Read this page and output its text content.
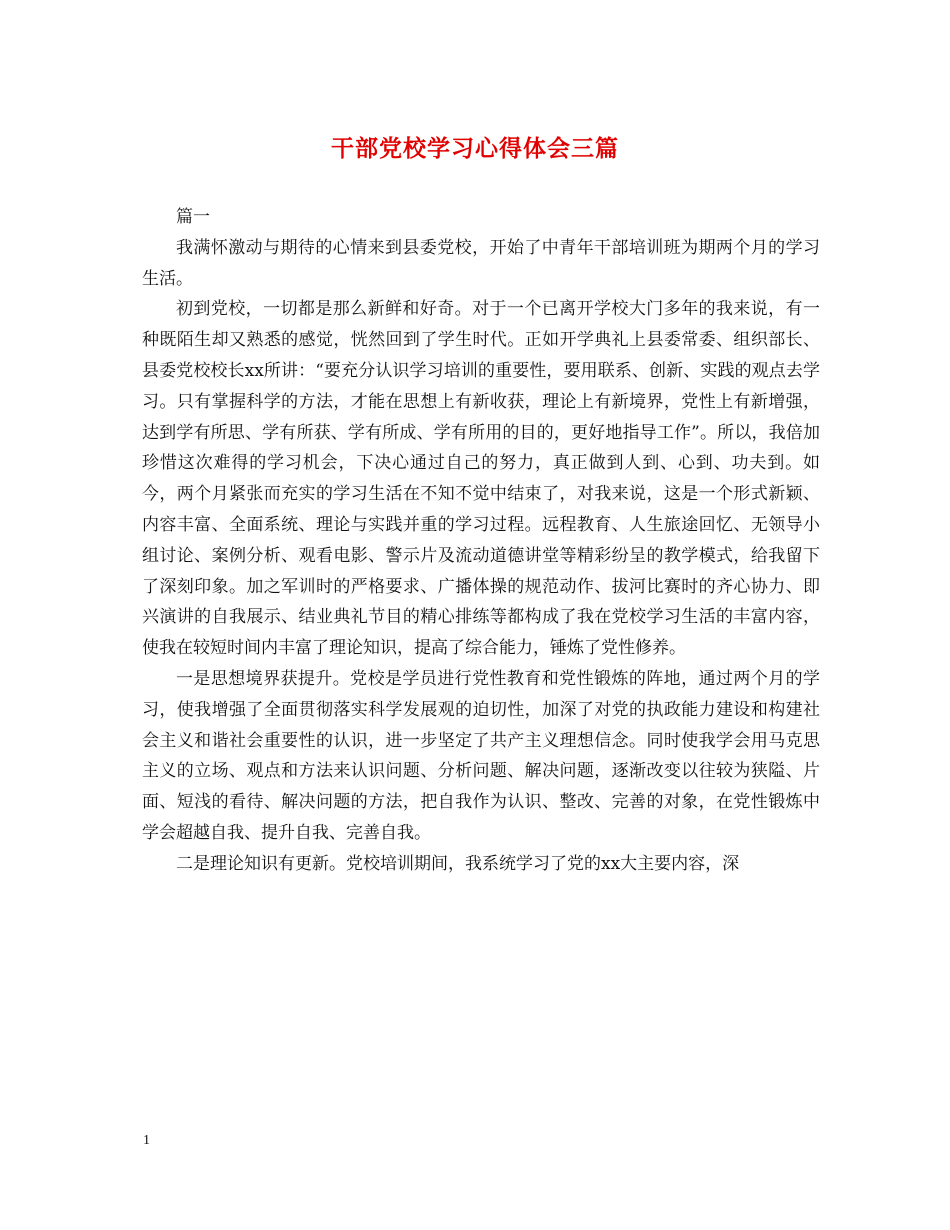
干部党校学习心得体会三篇

篇一

我满怀激动与期待的心情来到县委党校，开始了中青年干部培训班为期两个月的学习生活。

初到党校，一切都是那么新鲜和好奇。对于一个已离开学校大门多年的我来说，有一种既陌生却又熟悉的感觉，恍然回到了学生时代。正如开学典礼上县委常委、组织部长、县委党校校长xx所讲：“要充分认识学习培训的重要性，要用联系、创新、实践的观点去学习。只有掌握科学的方法，才能在思想上有新收获，理论上有新境界，党性上有新增强，达到学有所思、学有所获、学有所成、学有所用的目的，更好地指导工作”。所以，我倍加珍惜这次难得的学习机会，下决心通过自己的努力，真正做到人到、心到、功夫到。如今，两个月紧张而充实的学习生活在不知不觉中结束了，对我来说，这是一个形式新颖、内容丰富、全面系统、理论与实践并重的学习过程。远程教育、人生旅途回忆、无领导小组讨论、案例分析、观看电影、警示片及流动道德讲堂等精彩纷呈的教学模式，给我留下了深刻印象。加之军训时的严格要求、广播体操的规范动作、拔河比赛时的齐心协力、即兴演讲的自我展示、结业典礼节目的精心排练等都构成了我在党校学习生活的丰富内容，使我在较短时间内丰富了理论知识，提高了综合能力，锤炼了党性修养。

一是思想境界获提升。党校是学员进行党性教育和党性锻炼的阵地，通过两个月的学习，使我增强了全面贯彻落实科学发展观的迫切性，加深了对党的执政能力建设和构建社会主义和谐社会重要性的认识，进一步坚定了共产主义理想信念。同时使我学会用马克思主义的立场、观点和方法来认识问题、分析问题、解决问题，逐渐改变以往较为狭隘、片面、短浅的看待、解决问题的方法，把自我作为认识、整改、完善的对象，在党性锻炼中学会超越自我、提升自我、完善自我。

二是理论知识有更新。党校培训期间，我系统学习了党的xx大主要内容，深

1
